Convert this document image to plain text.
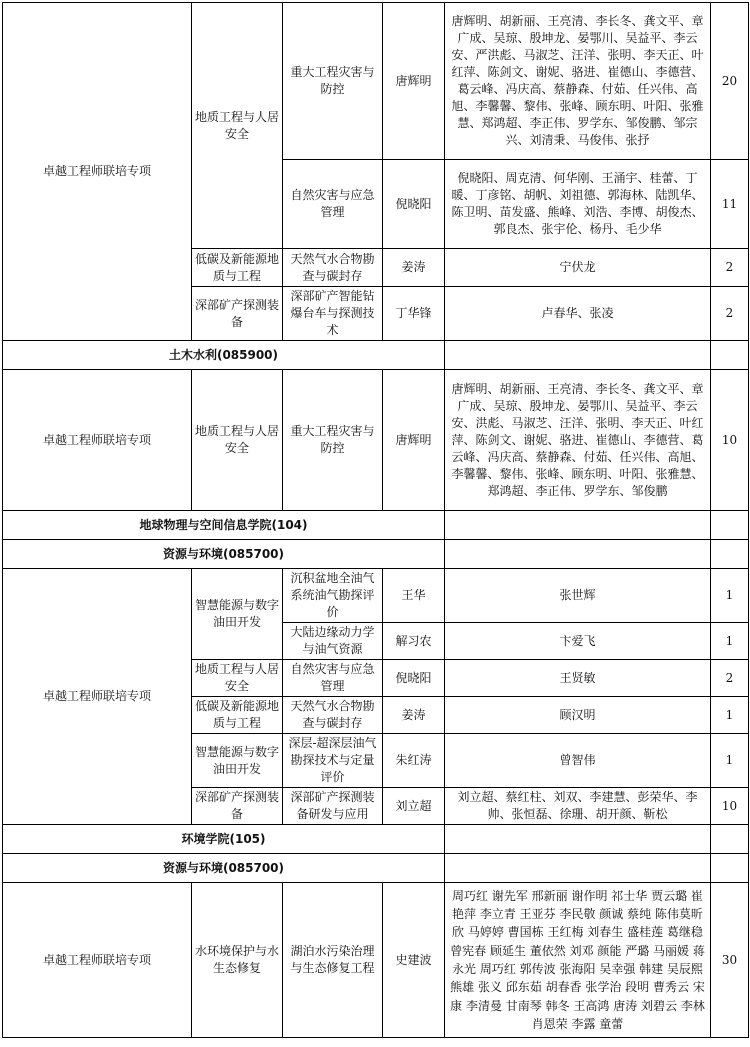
卓越工程师联培专项	地质工程与人居安全	重大工程灾害与防控	唐辉明	唐辉明、胡新丽、王亮清、李长冬、龚文平、章广成、吴琼、殷坤龙、晏鄂川、吴益平、李云安、严洪彪、马淑芝、汪洋、张明、李天正、叶红萍、陈剑文、谢妮、骆进、崔德山、李德营、葛云峰、冯庆高、蔡静森、付茹、任兴伟、高旭、李馨馨、黎伟、张峰、顾东明、叶阳、张雅慧、郑鸿超、李正伟、罗学东、邹俊鹏、邹宗兴、刘清秉、马俊伟、张抒	20
		自然灾害与应急管理	倪晓阳	倪晓阳、周克清、何华刚、王涌宇、桂蕾、丁暖、丁彦铭、胡帆、刘祖德、郭海林、陆凯华、陈卫明、苗发盛、熊峰、刘浩、李博、胡俊杰、郭良杰、张宇伦、杨丹、毛少华	11
	低碳及新能源地质与工程	天然气水合物勘查与碳封存	姜涛	宁伏龙	2
	深部矿产探测装备	深部矿产智能钻爆台车与探测技术	丁华锋	卢春华、张凌	2
土木水利(085900)					
卓越工程师联培专项	地质工程与人居安全	重大工程灾害与防控	唐辉明	唐辉明、胡新丽、王亮清、李长冬、龚文平、章广成、吴琼、殷坤龙、晏鄂川、吴益平、李云安、洪彪、马淑芝、汪洋、张明、李天正、叶红萍、陈剑文、谢妮、骆进、崔德山、李德营、葛云峰、冯庆高、蔡静森、付茹、任兴伟、高旭、李馨馨、黎伟、张峰、顾东明、叶阳、张雅慧、郑鸿超、李正伟、罗学东、邹俊鹏	10
地球物理与空间信息学院(104)					
资源与环境(085700)					
卓越工程师联培专项	智慧能源与数字油田开发	沉积盆地全油气系统油气勘探评价	王华	张世辉	1
		大陆边缘动力学与油气资源	解习农	卞爱飞	1
	地质工程与人居安全	自然灾害与应急管理	倪晓阳	王贤敏	2
	低碳及新能源地质与工程	天然气水合物勘查与碳封存	姜涛	顾汉明	1
	智慧能源与数字油田开发	深层-超深层油气勘探技术与定量评价	朱红涛	曾智伟	1
	深部矿产探测装备	深部矿产探测装备研发与应用	刘立超	刘立超、蔡红柱、刘双、李建慧、彭荣华、李帅、张恒磊、徐珊、胡开颜、靳松	10
环境学院(105)					
资源与环境(085700)					
卓越工程师联培专项	水环境保护与水生态修复	湖泊水污染治理与生态修复工程	史建波	周巧红 谢先军 邢新丽 谢作明 祁士华 贾云璐 崔艳萍 李立青 王亚芬 李民敬 颜诚 蔡纯 陈伟莫昕欣 马婷婷 曹国栋 王红梅 刘春生 盛桂莲 葛继稳 曾宪春 顾延生 董依然 刘邓 颜能 严璐 马丽媛 蒋永光 周巧红 郭传波 张海阳 吴幸强 韩建 吴辰熙 熊雄 张义 邱东茹 胡春香 张学治 段明 曹秀云 宋康 李清曼 甘南琴 韩冬 王高鸿 唐涛 刘碧云 李林 肖恩荣 李露 童蕾	30
